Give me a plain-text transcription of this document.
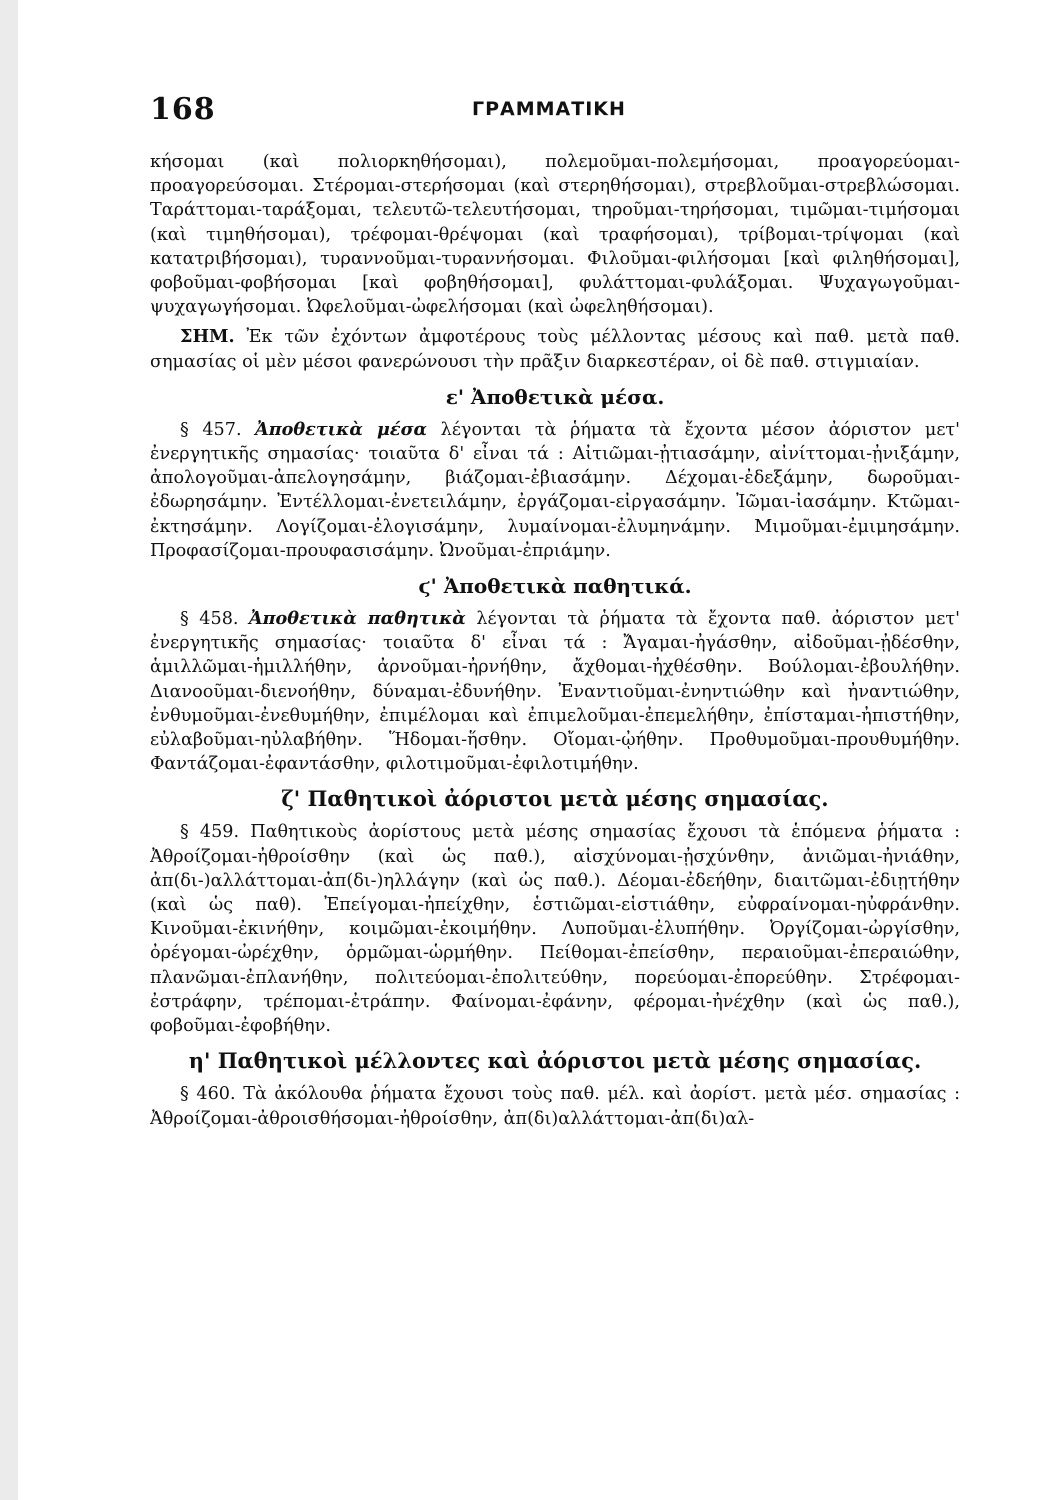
168	ΓΡΑΜΜΑΤΙΚΗ

κήσομαι (καὶ πολιορκηθήσομαι), πολεμοῦμαι-πολεμήσομαι, προαγορεύομαι-προαγορεύσομαι. Στέρομαι-στερήσομαι (καὶ στερηθήσομαι), στρεβλοῦμαι-στρεβλώσομαι. Ταράττομαι-ταράξομαι, τελευτῶ-τελευτήσομαι, τηροῦμαι-τηρήσομαι, τιμῶμαι-τιμήσομαι (καὶ τιμηθήσομαι), τρέφομαι-θρέψομαι (καὶ τραφήσομαι), τρίβομαι-τρίψομαι (καὶ κατατριβήσομαι), τυραννοῦμαι-τυραννήσομαι. Φιλοῦμαι-φιλήσομαι [καὶ φιληθήσομαι], φοβοῦμαι-φοβήσομαι [καὶ φοβηθήσομαι], φυλάττομαι-φυλάξομαι. Ψυχαγωγοῦμαι-ψυχαγωγήσομαι. Ὠφελοῦμαι-ὠφελήσομαι (καὶ ὠφεληθήσομαι).

ΣΗΜ. Ἐκ τῶν ἐχόντων ἀμφοτέρους τοὺς μέλλοντας μέσους καὶ παθ. μετὰ παθ. σημασίας οἱ μὲν μέσοι φανερώνουσι τὴν πρᾶξιν διαρκεστέραν, οἱ δὲ παθ. στιγμιαίαν.

ε' Ἀποθετικὰ μέσα.

§ 457. Ἀποθετικὰ μέσα λέγονται τὰ ῥήματα τὰ ἔχοντα μέσον ἀόριστον μετ' ἐνεργητικῆς σημασίας· τοιαῦτα δ' εἶναι τά : Αἰτιῶμαι-ᾐτιασάμην, αἰνίττομαι-ᾐνιξάμην, ἀπολογοῦμαι-ἀπελογησάμην, βιάζομαι-ἐβιασάμην. Δέχομαι-ἐδεξάμην, δωροῦμαι-ἐδωρησάμην. Ἐντέλλομαι-ἐνετειλάμην, ἐργάζομαι-εἰργασάμην. Ἰῶμαι-ἰασάμην. Κτῶμαι-ἐκτησάμην. Λογίζομαι-ἐλογισάμην, λυμαίνομαι-ἐλυμηνάμην. Μιμοῦμαι-ἐμιμησάμην. Προφασίζομαι-προυφασισάμην. Ὠνοῦμαι-ἐπριάμην.

ϛ' Ἀποθετικὰ παθητικά.

§ 458. Ἀποθετικὰ παθητικὰ λέγονται τὰ ῥήματα τὰ ἔχοντα παθ. ἀόριστον μετ' ἐνεργητικῆς σημασίας· τοιαῦτα δ' εἶναι τά : Ἄγαμαι-ἠγάσθην, αἰδοῦμαι-ᾐδέσθην, ἁμιλλῶμαι-ἡμιλλήθην, ἀρνοῦμαι-ἠρνήθην, ἄχθομαι-ἠχθέσθην. Βούλομαι-ἐβουλήθην. Διανοοῦμαι-διενοήθην, δύναμαι-ἐδυνήθην. Ἐναντιοῦμαι-ἐνηντιώθην καὶ ἠναντιώθην, ἐνθυμοῦμαι-ἐνεθυμήθην, ἐπιμέλομαι καὶ ἐπιμελοῦμαι-ἐπεμελήθην, ἐπίσταμαι-ἠπιστήθην, εὐλαβοῦμαι-ηὐλαβήθην. Ἥδομαι-ἥσθην. Οἴομαι-ᾠήθην. Προθυμοῦμαι-προυθυμήθην. Φαντάζομαι-ἐφαντάσθην, φιλοτιμοῦμαι-ἐφιλοτιμήθην.

ζ' Παθητικοὶ ἀόριστοι μετὰ μέσης σημασίας.

§ 459. Παθητικοὺς ἀορίστους μετὰ μέσης σημασίας ἔχουσι τὰ ἑπόμενα ῥήματα : Ἀθροίζομαι-ἠθροίσθην (καὶ ὡς παθ.), αἰσχύνομαι-ᾐσχύνθην, ἀνιῶμαι-ἠνιάθην, ἀπ(δι-)αλλάττομαι-ἀπ(δι-)ηλλάγην (καὶ ὡς παθ.). Δέομαι-ἐδεήθην, διαιτῶμαι-ἐδιῃτήθην (καὶ ὡς παθ). Ἐπείγομαι-ἠπείχθην, ἑστιῶμαι-εἱστιάθην, εὐφραίνομαι-ηὐφράνθην. Κινοῦμαι-ἐκινήθην, κοιμῶμαι-ἐκοιμήθην. Λυποῦμαι-ἐλυπήθην. Ὀργίζομαι-ὠργίσθην, ὀρέγομαι-ὠρέχθην, ὁρμῶμαι-ὡρμήθην. Πείθομαι-ἐπείσθην, περαιοῦμαι-ἐπεραιώθην, πλανῶμαι-ἐπλανήθην, πολιτεύομαι-ἐπολιτεύθην, πορεύομαι-ἐπορεύθην. Στρέφομαι-ἐστράφην, τρέπομαι-ἐτράπην. Φαίνομαι-ἐφάνην, φέρομαι-ἠνέχθην (καὶ ὡς παθ.), φοβοῦμαι-ἐφοβήθην.

η' Παθητικοὶ μέλλοντες καὶ ἀόριστοι μετὰ μέσης σημασίας.

§ 460. Τὰ ἀκόλουθα ῥήματα ἔχουσι τοὺς παθ. μέλ. καὶ ἀορίστ. μετὰ μέσ. σημασίας : Ἀθροίζομαι-ἀθροισθήσομαι-ἠθροίσθην, ἀπ(δι)αλλάττομαι-ἀπ(δι)αλ-
